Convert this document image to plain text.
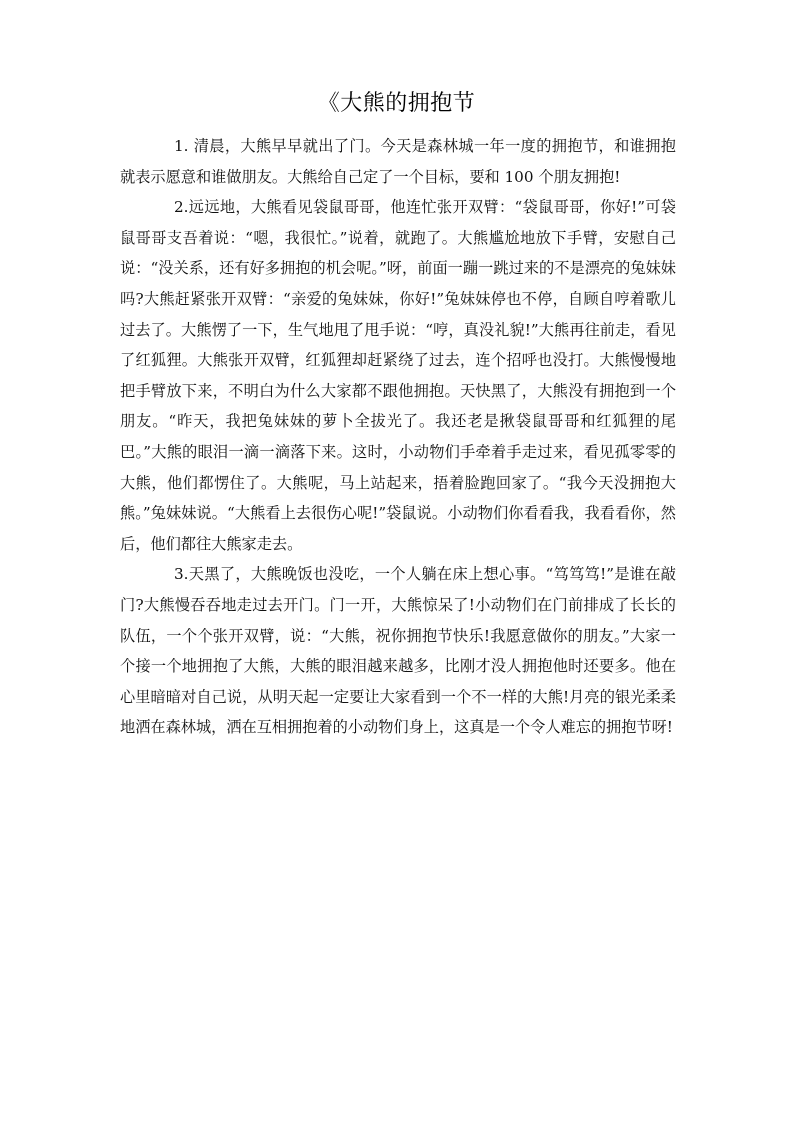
《大熊的拥抱节

1. 清晨，大熊早早就出了门。今天是森林城一年一度的拥抱节，和谁拥抱就表示愿意和谁做朋友。大熊给自己定了一个目标，要和 100 个朋友拥抱!

2.远远地，大熊看见袋鼠哥哥，他连忙张开双臂：“袋鼠哥哥，你好!”可袋鼠哥哥支吾着说：“嗯，我很忙。”说着，就跑了。大熊尴尬地放下手臂，安慰自己说：“没关系，还有好多拥抱的机会呢。”呀，前面一蹦一跳过来的不是漂亮的兔妹妹吗?大熊赶紧张开双臂：“亲爱的兔妹妹，你好!”兔妹妹停也不停，自顾自哼着歌儿过去了。大熊愣了一下，生气地甩了甩手说：“哼，真没礼貌!”大熊再往前走，看见了红狐狸。大熊张开双臂，红狐狸却赶紧绕了过去，连个招呼也没打。大熊慢慢地把手臂放下来，不明白为什么大家都不跟他拥抱。天快黑了，大熊没有拥抱到一个朋友。“昨天，我把兔妹妹的萝卜全拔光了。我还老是揪袋鼠哥哥和红狐狸的尾巴。”大熊的眼泪一滴一滴落下来。这时，小动物们手牵着手走过来，看见孤零零的大熊，他们都愣住了。大熊呢，马上站起来，捂着脸跑回家了。“我今天没拥抱大熊。”兔妹妹说。“大熊看上去很伤心呢!”袋鼠说。小动物们你看看我，我看看你，然后，他们都往大熊家走去。

3.天黑了，大熊晚饭也没吃，一个人躺在床上想心事。“笃笃笃!”是谁在敲门?大熊慢吞吞地走过去开门。门一开，大熊惊呆了!小动物们在门前排成了长长的队伍，一个个张开双臂，说：“大熊，祝你拥抱节快乐!我愿意做你的朋友。”大家一个接一个地拥抱了大熊，大熊的眼泪越来越多，比刚才没人拥抱他时还要多。他在心里暗暗对自己说，从明天起一定要让大家看到一个不一样的大熊!月亮的银光柔柔地洒在森林城，洒在互相拥抱着的小动物们身上，这真是一个令人难忘的拥抱节呀!
